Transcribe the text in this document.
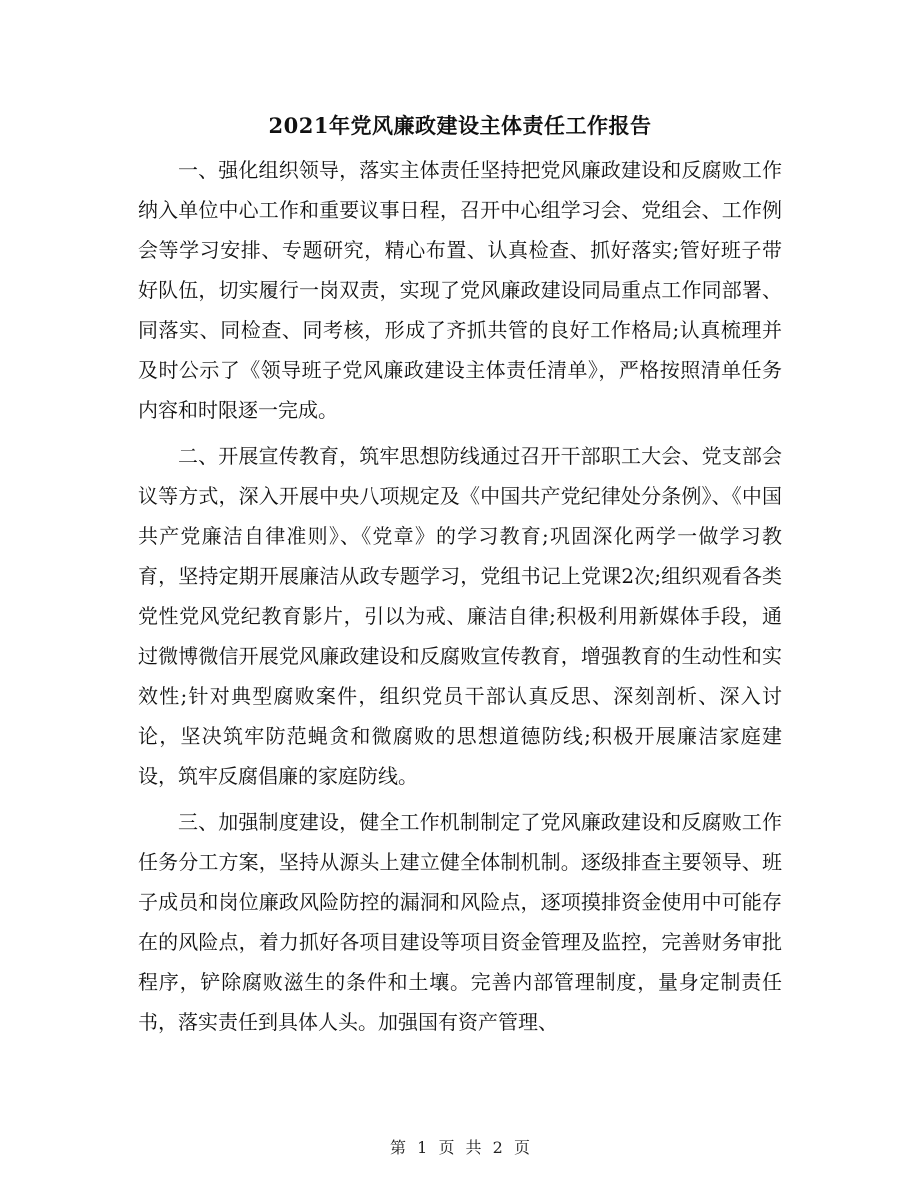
2021年党风廉政建设主体责任工作报告

一、强化组织领导，落实主体责任坚持把党风廉政建设和反腐败工作纳入单位中心工作和重要议事日程，召开中心组学习会、党组会、工作例会等学习安排、专题研究，精心布置、认真检查、抓好落实;管好班子带好队伍，切实履行一岗双责，实现了党风廉政建设同局重点工作同部署、同落实、同检查、同考核，形成了齐抓共管的良好工作格局;认真梳理并及时公示了《领导班子党风廉政建设主体责任清单》，严格按照清单任务内容和时限逐一完成。

二、开展宣传教育，筑牢思想防线通过召开干部职工大会、党支部会议等方式，深入开展中央八项规定及《中国共产党纪律处分条例》、《中国共产党廉洁自律准则》、《党章》的学习教育;巩固深化两学一做学习教育，坚持定期开展廉洁从政专题学习，党组书记上党课2次;组织观看各类党性党风党纪教育影片，引以为戒、廉洁自律;积极利用新媒体手段，通过微博微信开展党风廉政建设和反腐败宣传教育，增强教育的生动性和实效性;针对典型腐败案件，组织党员干部认真反思、深刻剖析、深入讨论，坚决筑牢防范蝇贪和微腐败的思想道德防线;积极开展廉洁家庭建设，筑牢反腐倡廉的家庭防线。

三、加强制度建设，健全工作机制制定了党风廉政建设和反腐败工作任务分工方案，坚持从源头上建立健全体制机制。逐级排查主要领导、班子成员和岗位廉政风险防控的漏洞和风险点，逐项摸排资金使用中可能存在的风险点，着力抓好各项目建设等项目资金管理及监控，完善财务审批程序，铲除腐败滋生的条件和土壤。完善内部管理制度，量身定制责任书，落实责任到具体人头。加强国有资产管理、

第 1 页 共 2 页
